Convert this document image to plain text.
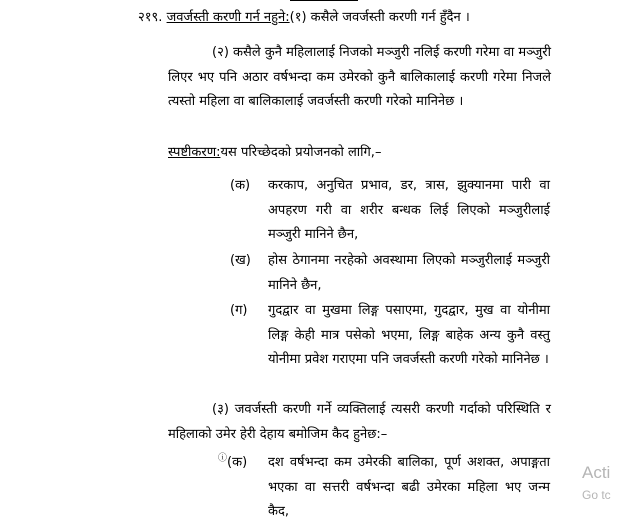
२१९. जवर्जस्ती करणी गर्न नहुने:(१) कसैले जवर्जस्ती करणी गर्न हुँदैन ।
(२) कसैले कुनै महिलालाई निजको मञ्जुरी नलिई करणी गरेमा वा मञ्जुरी लिएर भए पनि अठार वर्षभन्दा कम उमेरको कुनै बालिकालाई करणी गरेमा निजले त्यस्तो महिला वा बालिकालाई जवर्जस्ती करणी गरेको मानिनेछ ।
स्पष्टीकरण:यस परिच्छेदको प्रयोजनको लागि,–
(क) करकाप, अनुचित प्रभाव, डर, त्रास, झुक्यानमा पारी वा अपहरण गरी वा शरीर बन्धक लिई लिएको मञ्जुरीलाई मञ्जुरी मानिने छैन,
(ख) होस ठेगानमा नरहेको अवस्थामा लिएको मञ्जुरीलाई मञ्जुरी मानिने छैन,
(ग) गुदद्वार वा मुखमा लिङ्ग पसाएमा, गुदद्वार, मुख वा योनीमा लिङ्ग केही मात्र पसेको भएमा, लिङ्ग बाहेक अन्य कुनै वस्तु योनीमा प्रवेश गराएमा पनि जवर्जस्ती करणी गरेको मानिनेछ ।
(३) जवर्जस्ती करणी गर्ने व्यक्तिलाई त्यसरी करणी गर्दाको परिस्थिति र महिलाको उमेर हेरी देहाय बमोजिम कैद हुनेछ:–
ⓘ(क) दश वर्षभन्दा कम उमेरकी बालिका, पूर्ण अशक्त, अपाङ्गता भएका वा सत्तरी वर्षभन्दा बढी उमेरका महिला भए जन्म कैद,
Acti
Go tc
